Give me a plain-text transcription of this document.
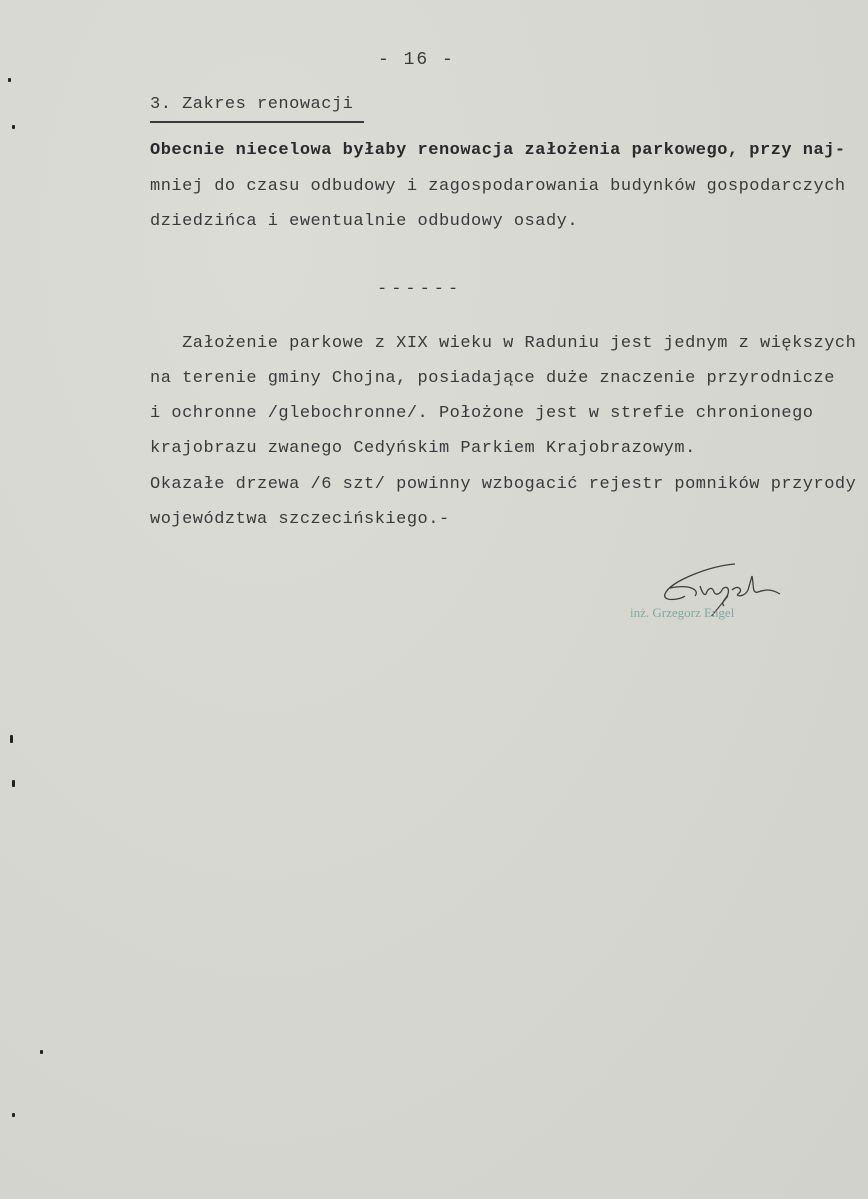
- 16 -
3. Zakres renowacji
Obecnie niecelowa byłaby renowacja założenia parkowego, przy naj-
mniej do czasu odbudowy i zagospodarowania budynków gospodarczych
dziedzińca i ewentualnie odbudowy osady.
------
Założenie parkowe z XIX wieku w Raduniu jest jednym z większych
na terenie gminy Chojna, posiadające duże znaczenie przyrodnicze
i ochronne /glebochronne/. Położone jest w strefie chronionego
krajobrazu zwanego Cedyńskim Parkiem Krajobrazowym.
Okazałe drzewa /6 szt/ powinny wzbogacić rejestr pomników przyrody
województwa szczecińskiego.-
inż. Grzegorz Engel
